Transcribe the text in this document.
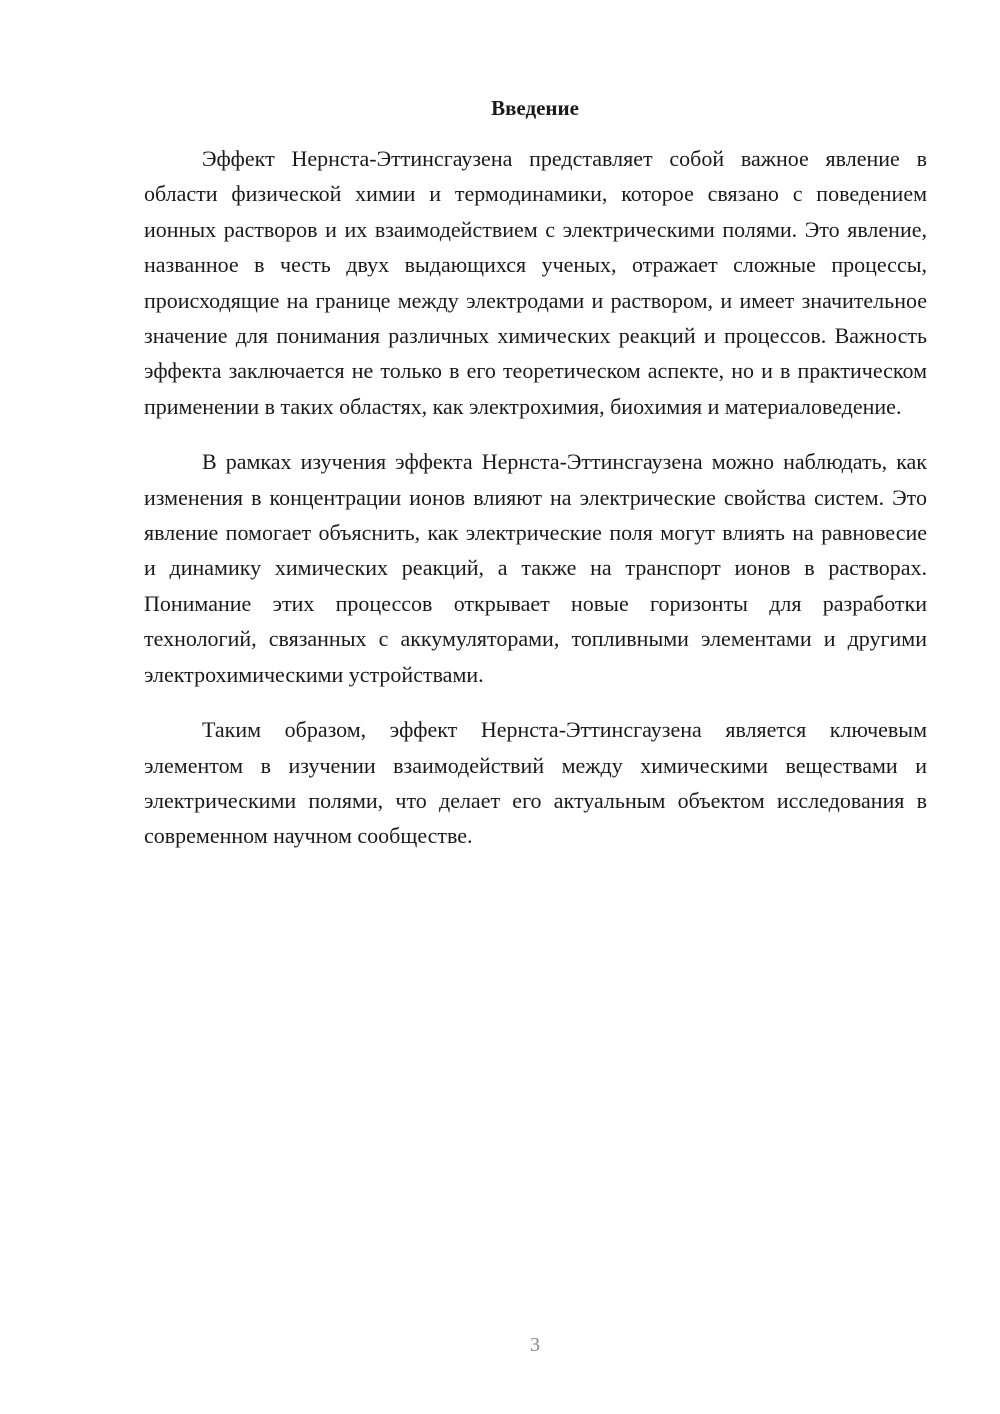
Введение

Эффект Нернста-Эттинсгаузена представляет собой важное явление в области физической химии и термодинамики, которое связано с поведением ионных растворов и их взаимодействием с электрическими полями. Это явление, названное в честь двух выдающихся ученых, отражает сложные процессы, происходящие на границе между электродами и раствором, и имеет значительное значение для понимания различных химических реакций и процессов. Важность эффекта заключается не только в его теоретическом аспекте, но и в практическом применении в таких областях, как электрохимия, биохимия и материаловедение.

В рамках изучения эффекта Нернста-Эттинсгаузена можно наблюдать, как изменения в концентрации ионов влияют на электрические свойства систем. Это явление помогает объяснить, как электрические поля могут влиять на равновесие и динамику химических реакций, а также на транспорт ионов в растворах. Понимание этих процессов открывает новые горизонты для разработки технологий, связанных с аккумуляторами, топливными элементами и другими электрохимическими устройствами.

Таким образом, эффект Нернста-Эттинсгаузена является ключевым элементом в изучении взаимодействий между химическими веществами и электрическими полями, что делает его актуальным объектом исследования в современном научном сообществе.

3
